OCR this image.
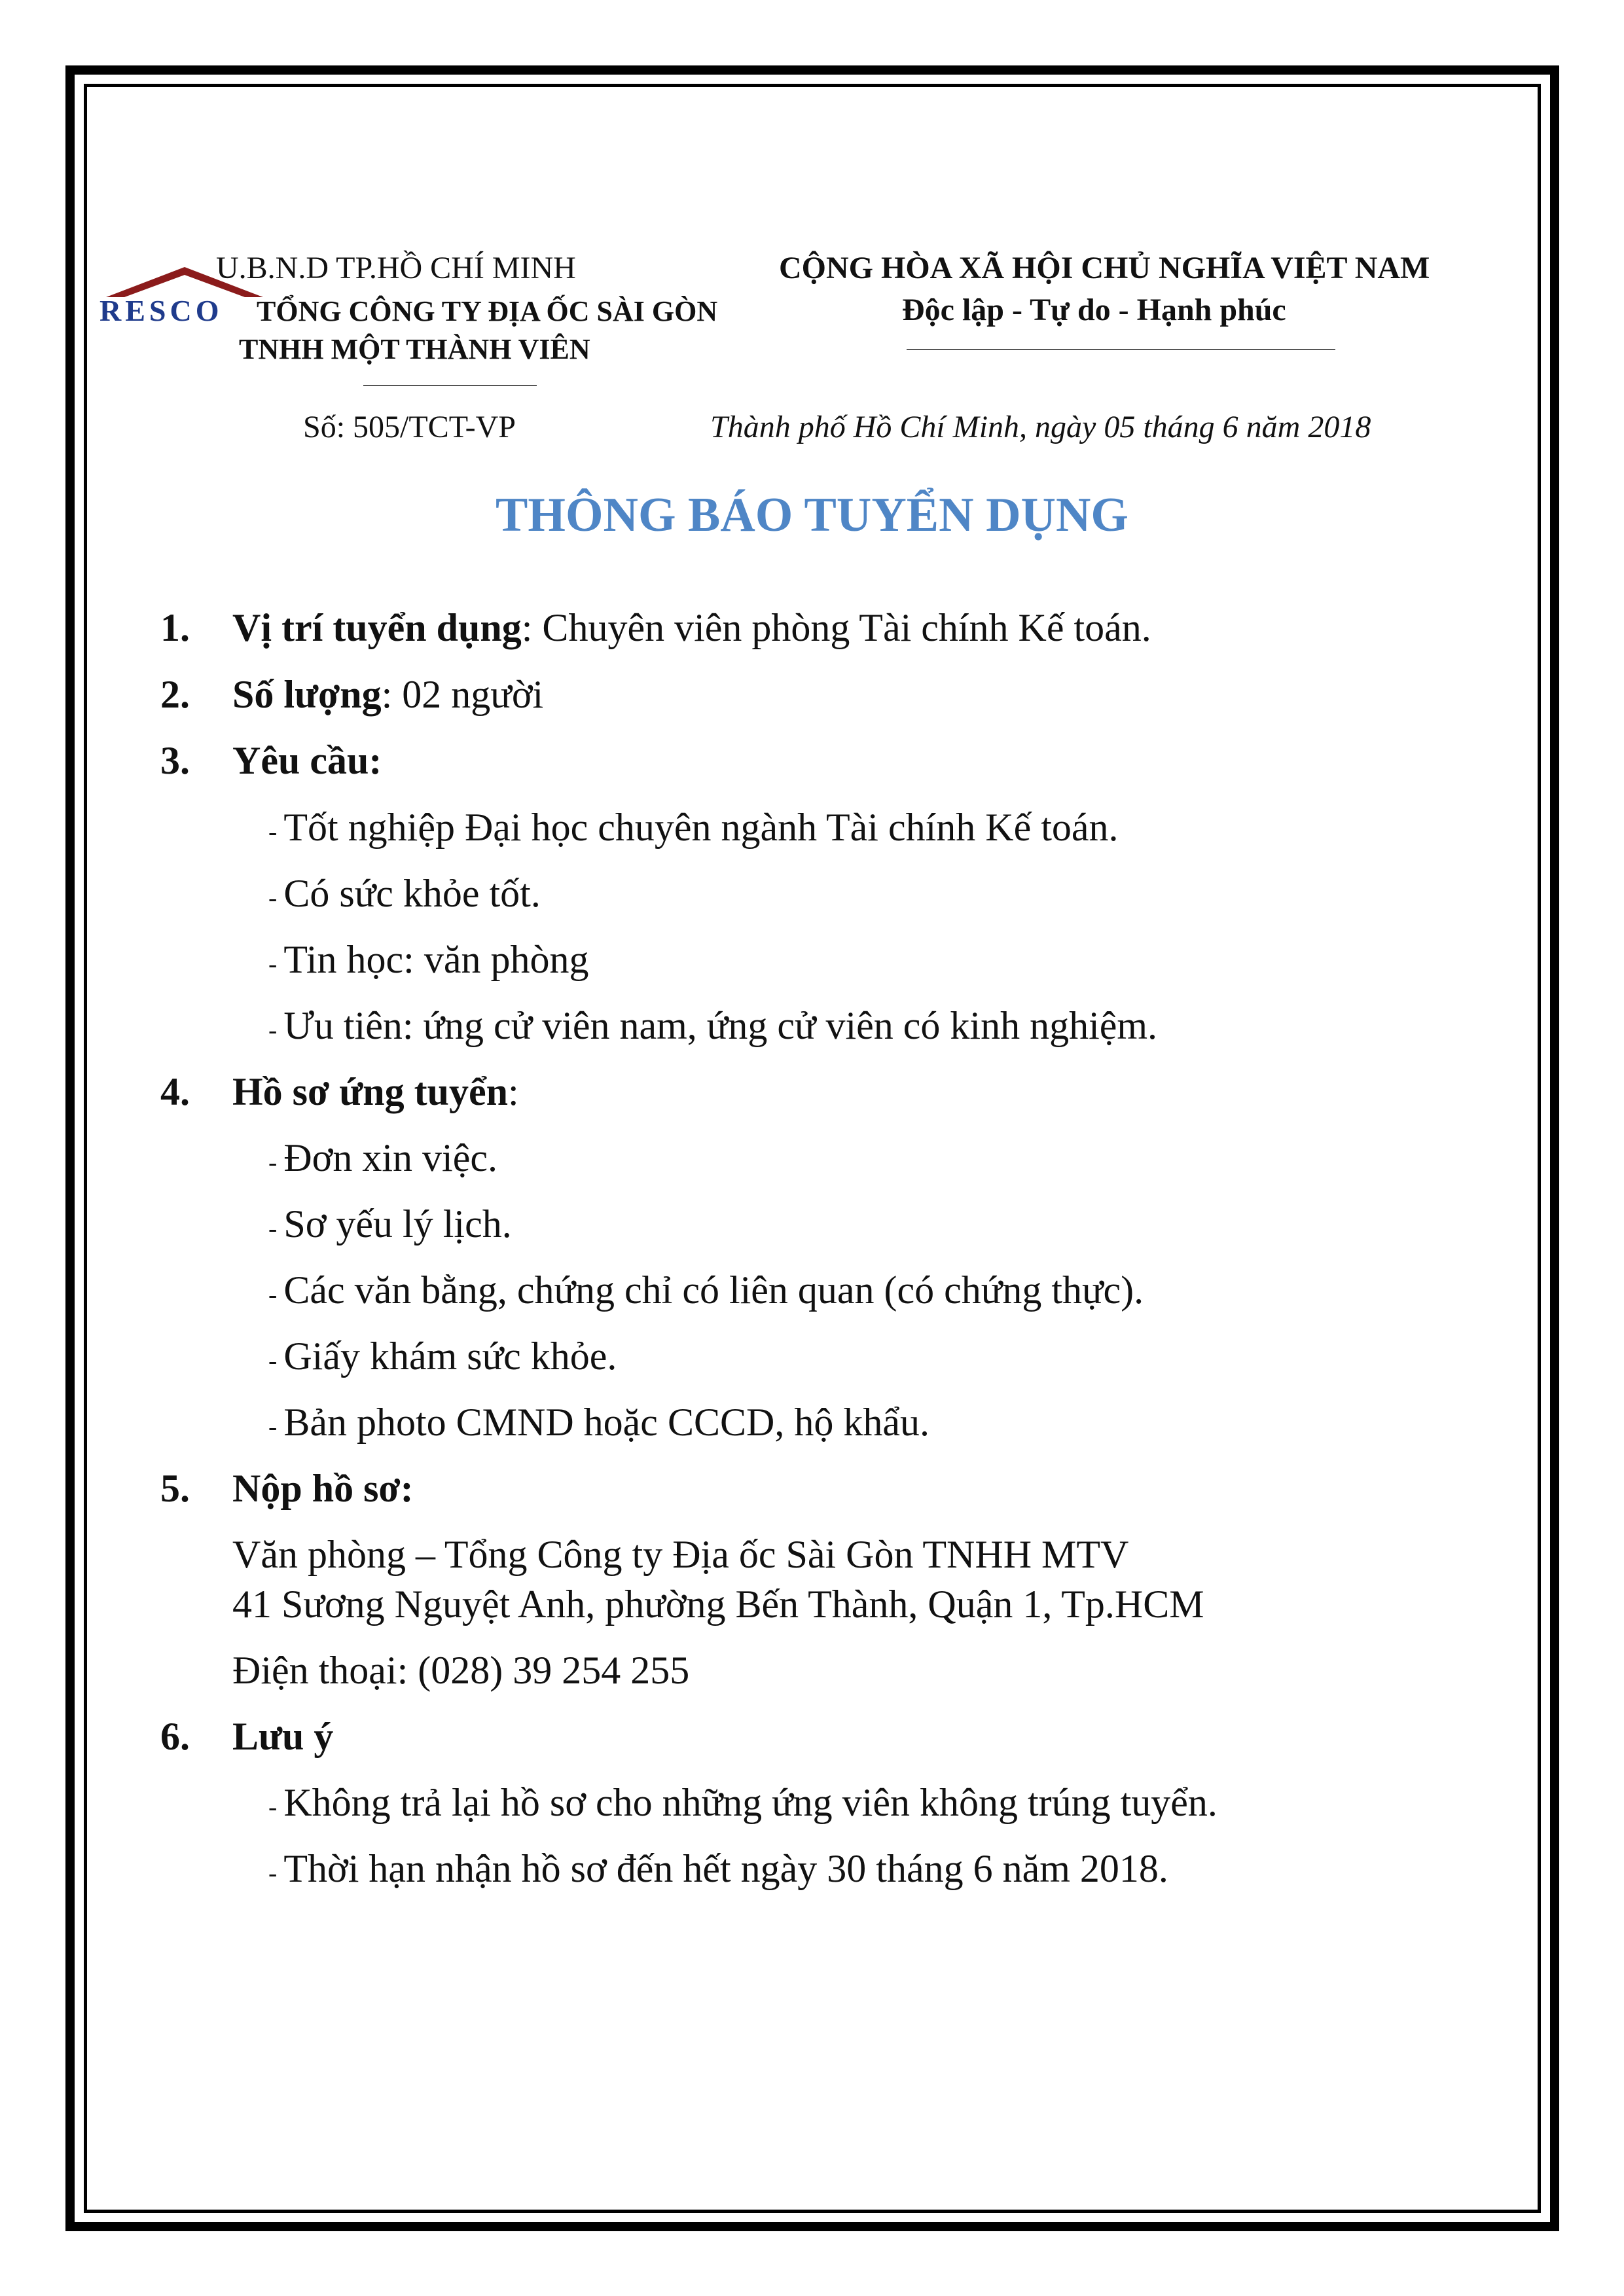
U.B.N.D TP.HỒ CHÍ MINH
RESCO TỔNG CÔNG TY ĐỊA ỐC SÀI GÒN
TNHH MỘT THÀNH VIÊN
CỘNG HÒA XÃ HỘI CHỦ NGHĨA VIỆT NAM
Độc lập - Tự do - Hạnh phúc
Số: 505/TCT-VP	Thành phố Hồ Chí Minh, ngày 05 tháng 6 năm 2018
THÔNG BÁO TUYỂN DỤNG
1. Vị trí tuyển dụng: Chuyên viên phòng Tài chính Kế toán.
2. Số lượng: 02 người
3. Yêu cầu:
- Tốt nghiệp Đại học chuyên ngành Tài chính Kế toán.
- Có sức khỏe tốt.
- Tin học: văn phòng
- Ưu tiên: ứng cử viên nam, ứng cử viên có kinh nghiệm.
4. Hồ sơ ứng tuyển:
- Đơn xin việc.
- Sơ yếu lý lịch.
- Các văn bằng, chứng chỉ có liên quan (có chứng thực).
- Giấy khám sức khỏe.
- Bản photo CMND hoặc CCCD, hộ khẩu.
5. Nộp hồ sơ:
Văn phòng – Tổng Công ty Địa ốc Sài Gòn TNHH MTV
41 Sương Nguyệt Anh, phường Bến Thành, Quận 1, Tp.HCM
Điện thoại: (028) 39 254 255
6. Lưu ý
- Không trả lại hồ sơ cho những ứng viên không trúng tuyển.
- Thời hạn nhận hồ sơ đến hết ngày 30 tháng 6 năm 2018.
